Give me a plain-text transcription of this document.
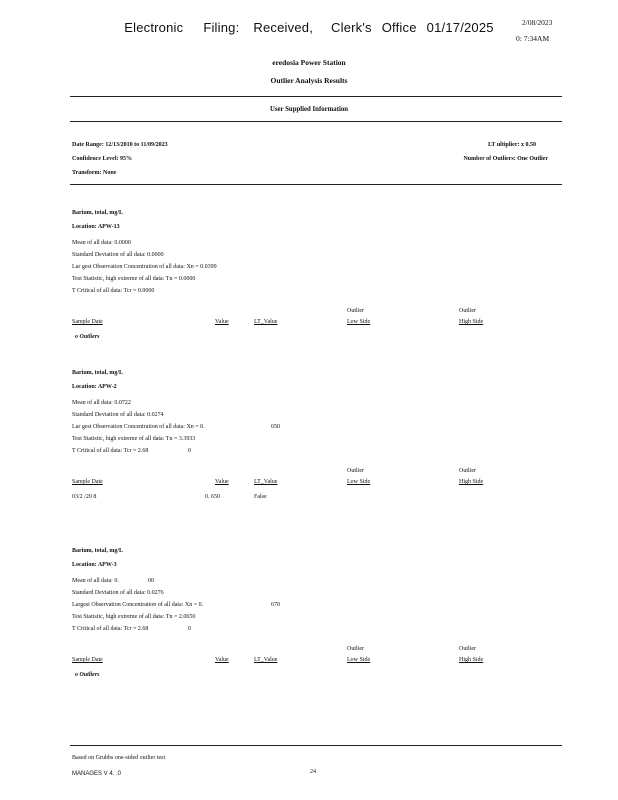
Electronic Filing: Received, Clerk's Office 01/17/2025	2/08/2023
0: 7:34AM
eredosia Power Station
Outlier Analysis Results
User Supplied Information
Date Range: 12/13/2010 to 11/09/2023	LT ultiplier: x 0.50
Confidence Level: 95%	Number of Outliers: One Outlier
Transform: None
Barium, total, mg/L
Location: APW-13
Mean of all data: 0.0000
Standard Deviation of all data: 0.0000
Lar gest Observation Concentration of all data: Xn = 0.0399
Test Statistic, high extreme of all data: Tn = 0.0000
T Critical of all data: Tcr = 0.0000
Outlier	Outlier
Sample Date	Value	LT_Value	Low Side	High Side
o Outliers
Barium, total, mg/L
Location: APW-2
Mean of all data: 0.0722
Standard Deviation of all data: 0.0274
Lar gest Observation Concentration of all data: Xn = 0.	650
Test Statistic, high extreme of all data: Tn = 3.3933
T Critical of all data: Tcr = 2.68	0
Outlier	Outlier
Sample Date	Value	LT_Value	Low Side	High Side
03/2 /20 8	0. 650	False
Barium, total, mg/L
Location: APW-3
Mean of all data: 0.	00
Standard Deviation of all data: 0.0276
Largest Observation Concentration of all data: Xn = 0.	670
Test Statistic, high extreme of all data: Tn = 2.0650
T Critical of all data: Tcr = 2.68	0
Outlier	Outlier
Sample Date	Value	LT_Value	Low Side	High Side
o Outliers
Based on Grubbs one-sided outlier test
MANAGES V 4. .0	24
